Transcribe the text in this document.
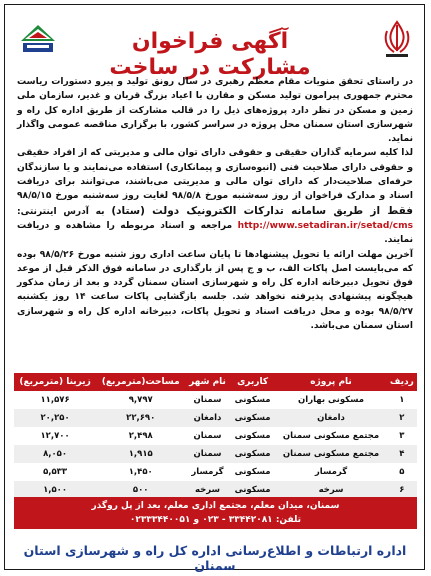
آگهی فراخوان مشارکت در ساخت

در راستای تحقق منویات مقام معظم رهبری در سال رونق تولید و پیرو دستورات ریاست محترم جمهوری پیرامون تولید مسکن و مقارن با اعیاد بزرگ قربان و غدیر، سازمان ملی زمین و مسکن در نظر دارد پروژه‌های ذیل را در قالب مشارکت از طریق اداره کل راه و شهرسازی استان سمنان محل پروژه در سراسر کشور، با برگزاری مناقصه عمومی واگذار نماید.

لذا کلیه سرمایه گذاران حقیقی و حقوقی دارای توان مالی و مدیریتی که از افراد حقیقی و حقوقی دارای صلاحیت فنی (انبوه‌سازی و پیمانکاری) استفاده می‌نمایند و یا سازندگان حرفه‌ای صلاحیت‌دار که دارای توان مالی و مدیریتی می‌باشند، می‌توانند برای دریافت اسناد و مدارک فراخوان از روز سه‌شنبه مورخ ۹۸/۵/۸ لغایت روز سه‌شنبه مورخ ۹۸/۵/۱۵ فقط از طریق سامانه تدارکات الکترونیک دولت (ستاد) به آدرس اینترنتی: http://www.setadiran.ir/setad/cms مراجعه و اسناد مربوطه را مشاهده و دریافت نمایند.

آخرین مهلت ارائه یا تحویل پیشنهادها تا پایان ساعت اداری روز شنبه مورخ ۹۸/۵/۲۶ بوده که می‌بایست اصل پاکات الف، ب و ج پس از بارگذاری در سامانه فوق الذکر قبل از موعد فوق تحویل دبیرخانه اداره کل راه و شهرسازی استان سمنان گردد و بعد از زمان مذکور هیچگونه پیشنهادی پذیرفته نخواهد شد. جلسه بازگشایی پاکات ساعت ۱۴ روز یکشنبه ۹۸/۵/۲۷ بوده و محل دریافت اسناد و تحویل پاکات، دبیرخانه اداره کل راه و شهرسازی استان سمنان می‌باشد.

ردیف	نام پروژه	کاربری	نام شهر	مساحت(مترمربع)	زیربنا (مترمربع)
۱	مسکونی بهاران	مسکونی	سمنان	۹,۷۹۷	۱۱,۵۷۶
۲	دامغان	مسکونی	دامغان	۲۲,۶۹۰	۲۰,۲۵۰
۳	مجتمع مسکونی سمنان	مسکونی	سمنان	۲,۴۹۸	۱۲,۷۰۰
۴	مجتمع مسکونی سمنان	مسکونی	سمنان	۱,۹۱۵	۸,۰۵۰
۵	گرمسار	مسکونی	گرمسار	۱,۴۵۰	۵,۵۳۳
۶	سرخه	مسکونی	سرخه	۵۰۰	۱,۵۰۰
سمنان، میدان معلم، مجتمع اداری معلم، بعد از پل روگذر
تلفن: ۳۳۴۴۲۰۸۱ - ۰۲۳ و ۰۲۳۳۳۴۴۰۰۵۱
اداره ارتباطات و اطلاع‌رسانی اداره کل راه و شهرسازی استان سمنان
